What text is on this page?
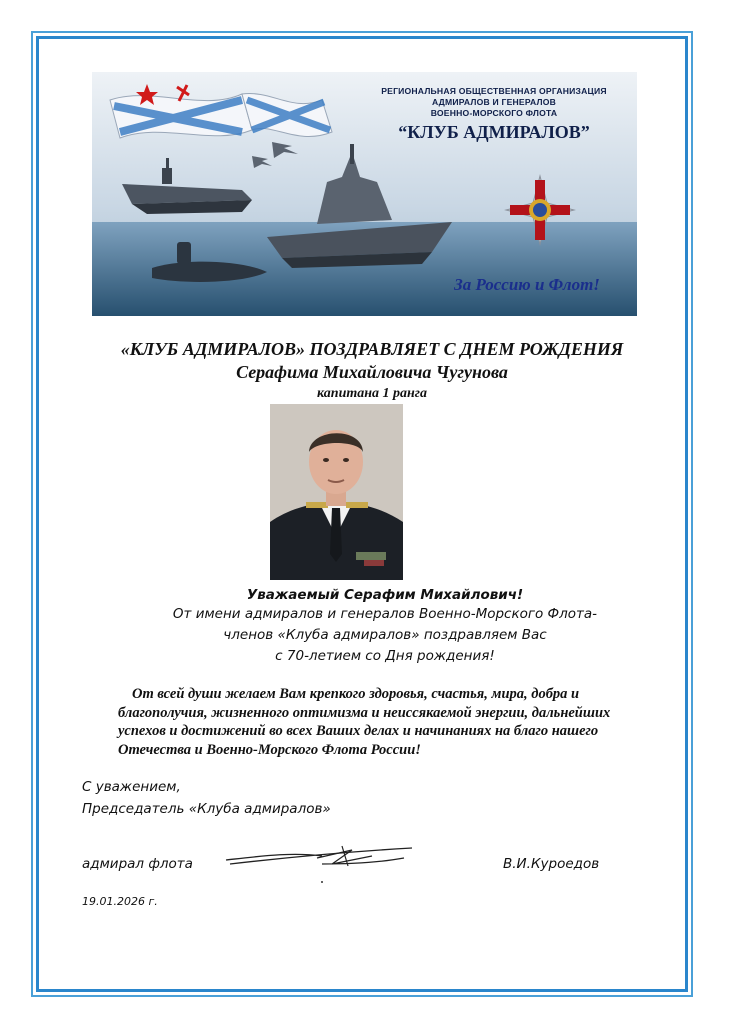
РЕГИОНАЛЬНАЯ ОБЩЕСТВЕННАЯ ОРГАНИЗАЦИЯ
АДМИРАЛОВ И ГЕНЕРАЛОВ
ВОЕННО-МОРСКОГО ФЛОТА
“КЛУБ АДМИРАЛОВ”
За Россию и Флот!
«КЛУБ АДМИРАЛОВ» ПОЗДРАВЛЯЕТ С ДНЕМ РОЖДЕНИЯ
Серафима Михайловича Чугунова
капитана 1 ранга
Уважаемый Серафим Михайлович!
От имени адмиралов и генералов Военно-Морского Флота-
членов «Клуба адмиралов» поздравляем Вас
с 70-летием со Дня рождения!

От всей души желаем Вам крепкого здоровья, счастья, мира, добра и

благополучия, жизненного оптимизма и неиссякаемой энергии, дальнейших

успехов и достижений во всех Ваших делах и начинаниях на благо нашего

Отечества и Военно-Морского Флота России!

С уважением,
Председатель «Клуба адмиралов»
адмирал флота	В.И.Куроедов
19.01.2026 г.
